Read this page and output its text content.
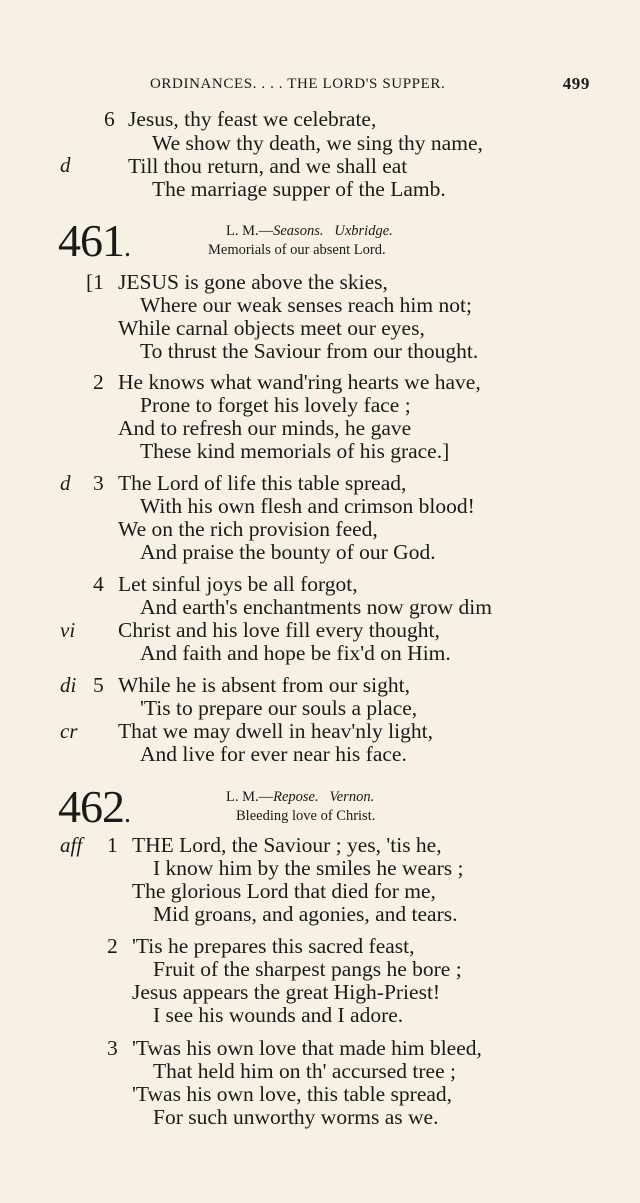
ORDINANCES. . . . THE LORD'S SUPPER.	499
6 Jesus, thy feast we celebrate,
We show thy death, we sing thy name,
d	Till thou return, and we shall eat
The marriage supper of the Lamb.
461.
L. M.—Seasons. Uxbridge.
Memorials of our absent Lord.
[1 JESUS is gone above the skies,
Where our weak senses reach him not;
While carnal objects meet our eyes,
To thrust the Saviour from our thought.
2 He knows what wand'ring hearts we have,
Prone to forget his lovely face ;
And to refresh our minds, he gave
These kind memorials of his grace.]
d 3 The Lord of life this table spread,
With his own flesh and crimson blood!
We on the rich provision feed,
And praise the bounty of our God.
4 Let sinful joys be all forgot,
And earth's enchantments now grow dim
vi Christ and his love fill every thought,
And faith and hope be fix'd on Him.
di 5 While he is absent from our sight,
'Tis to prepare our souls a place,
cr That we may dwell in heav'nly light,
And live for ever near his face.
462.
L. M.—Repose. Vernon.
Bleeding love of Christ.
aff 1 THE Lord, the Saviour ; yes, 'tis he,
I know him by the smiles he wears ;
The glorious Lord that died for me,
Mid groans, and agonies, and tears.
2 'Tis he prepares this sacred feast,
Fruit of the sharpest pangs he bore ;
Jesus appears the great High-Priest!
I see his wounds and I adore.
3 'Twas his own love that made him bleed,
That held him on th' accursed tree ;
'Twas his own love, this table spread,
For such unworthy worms as we.
